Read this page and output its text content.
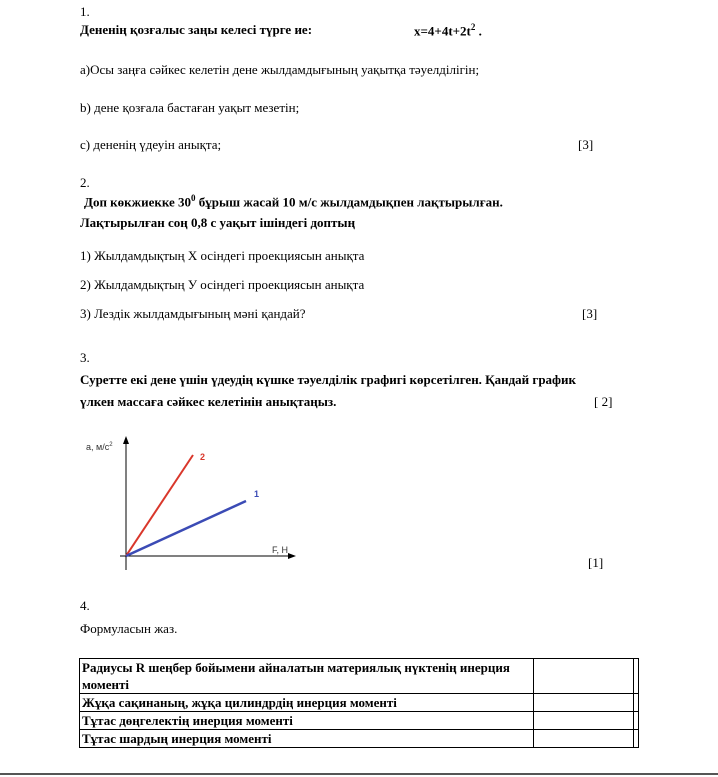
1.
Дененің қозғалыс заңы келесі түрге ие:	$x=4+4t+2t^2$ .
а)Осы заңға сәйкес келетін дене жылдамдығының уақытқа тәуелділігін;
b) дене қозғала бастаған уақыт мезетін;
c) дененің үдеуін анықта;	[3]
2.
Доп көкжиекке $30^0$ бұрыш жасай 10 м/с жылдамдықпен лақтырылған.
Лақтырылған соң 0,8 с уақыт ішіндегі доптың
1) Жылдамдықтың Х осіндегі проекциясын анықта
2) Жылдамдықтың У осіндегі проекциясын анықта
3) Лездік жылдамдығының мәні қандай?	[3]
3.
Суретте екі дене үшін үдеудің күшке тәуелділік графигі көрсетілген. Қандай график
үлкен массаға сәйкес келетінін анықтаңыз.	[ 2]
a, $м/с^2$
F, Н
2
1
[1]
4.
Формуласын жаз.
Радиусы R шеңбер бойымени айналатын материялық нүктенің инерция моменті		
Жұқа сақинаның, жұқа цилиндрдің инерция моменті		
Тұтас дөңгелектің инерция моменті		
Тұтас шардың инерция моменті		
